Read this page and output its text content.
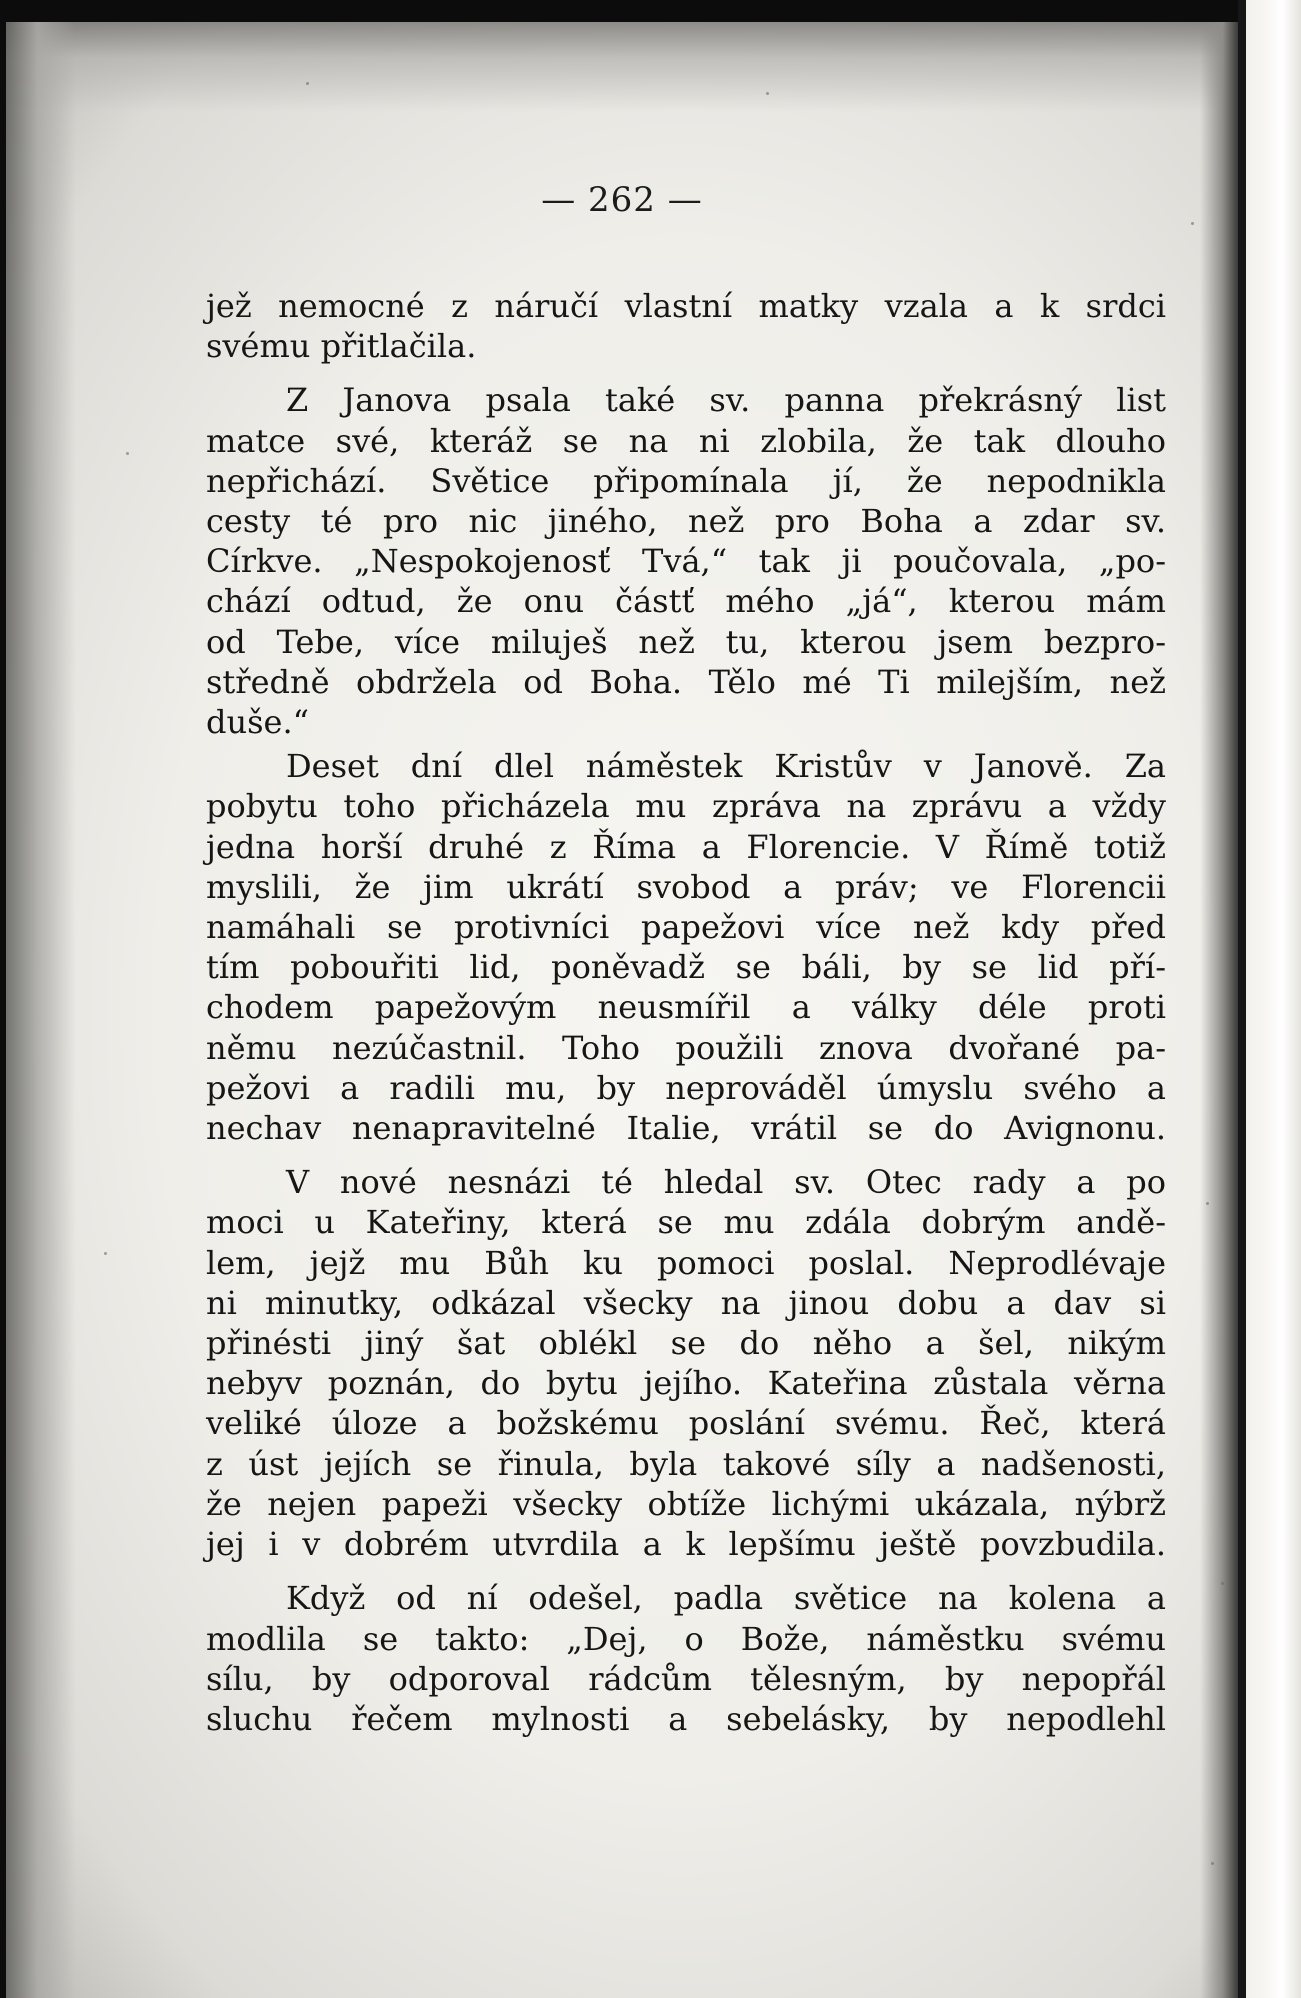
— 262 —

jež nemocné z náručí vlastní matky vzala a k srdci
svému přitlačila.

Z Janova psala také sv. panna překrásný list
matce své, kteráž se na ni zlobila, že tak dlouho
nepřichází. Světice připomínala jí, že nepodnikla
cesty té pro nic jiného, než pro Boha a zdar sv.
Církve. „Nespokojenosť Tvá,“ tak ji poučovala, „po-
chází odtud, že onu částť mého „já“, kterou mám
od Tebe, více miluješ než tu, kterou jsem bezpro-
středně obdržela od Boha. Tělo mé Ti milejším, než
duše.“

Deset dní dlel náměstek Kristův v Janově. Za
pobytu toho přicházela mu zpráva na zprávu a vždy
jedna horší druhé z Říma a Florencie. V Římě totiž
myslili, že jim ukrátí svobod a práv; ve Florencii
namáhali se protivníci papežovi více než kdy před
tím pobouřiti lid, poněvadž se báli, by se lid pří-
chodem papežovým neusmířil a války déle proti
němu nezúčastnil. Toho použili znova dvořané pa-
pežovi a radili mu, by neprováděl úmyslu svého a
nechav nenapravitelné Italie, vrátil se do Avignonu.

V nové nesnázi té hledal sv. Otec rady a po
moci u Kateřiny, která se mu zdála dobrým andě-
lem, jejž mu Bůh ku pomoci poslal. Neprodlévaje
ni minutky, odkázal všecky na jinou dobu a dav si
přinésti jiný šat oblékl se do něho a šel, nikým
nebyv poznán, do bytu jejího. Kateřina zůstala věrna
veliké úloze a božskému poslání svému. Řeč, která
z úst jejích se řinula, byla takové síly a nadšenosti,
že nejen papeži všecky obtíže lichými ukázala, nýbrž
jej i v dobrém utvrdila a k lepšímu ještě povzbudila.

Když od ní odešel, padla světice na kolena a
modlila se takto: „Dej, o Bože, náměstku svému
sílu, by odporoval rádcům tělesným, by nepopřál
sluchu řečem mylnosti a sebelásky, by nepodlehl
